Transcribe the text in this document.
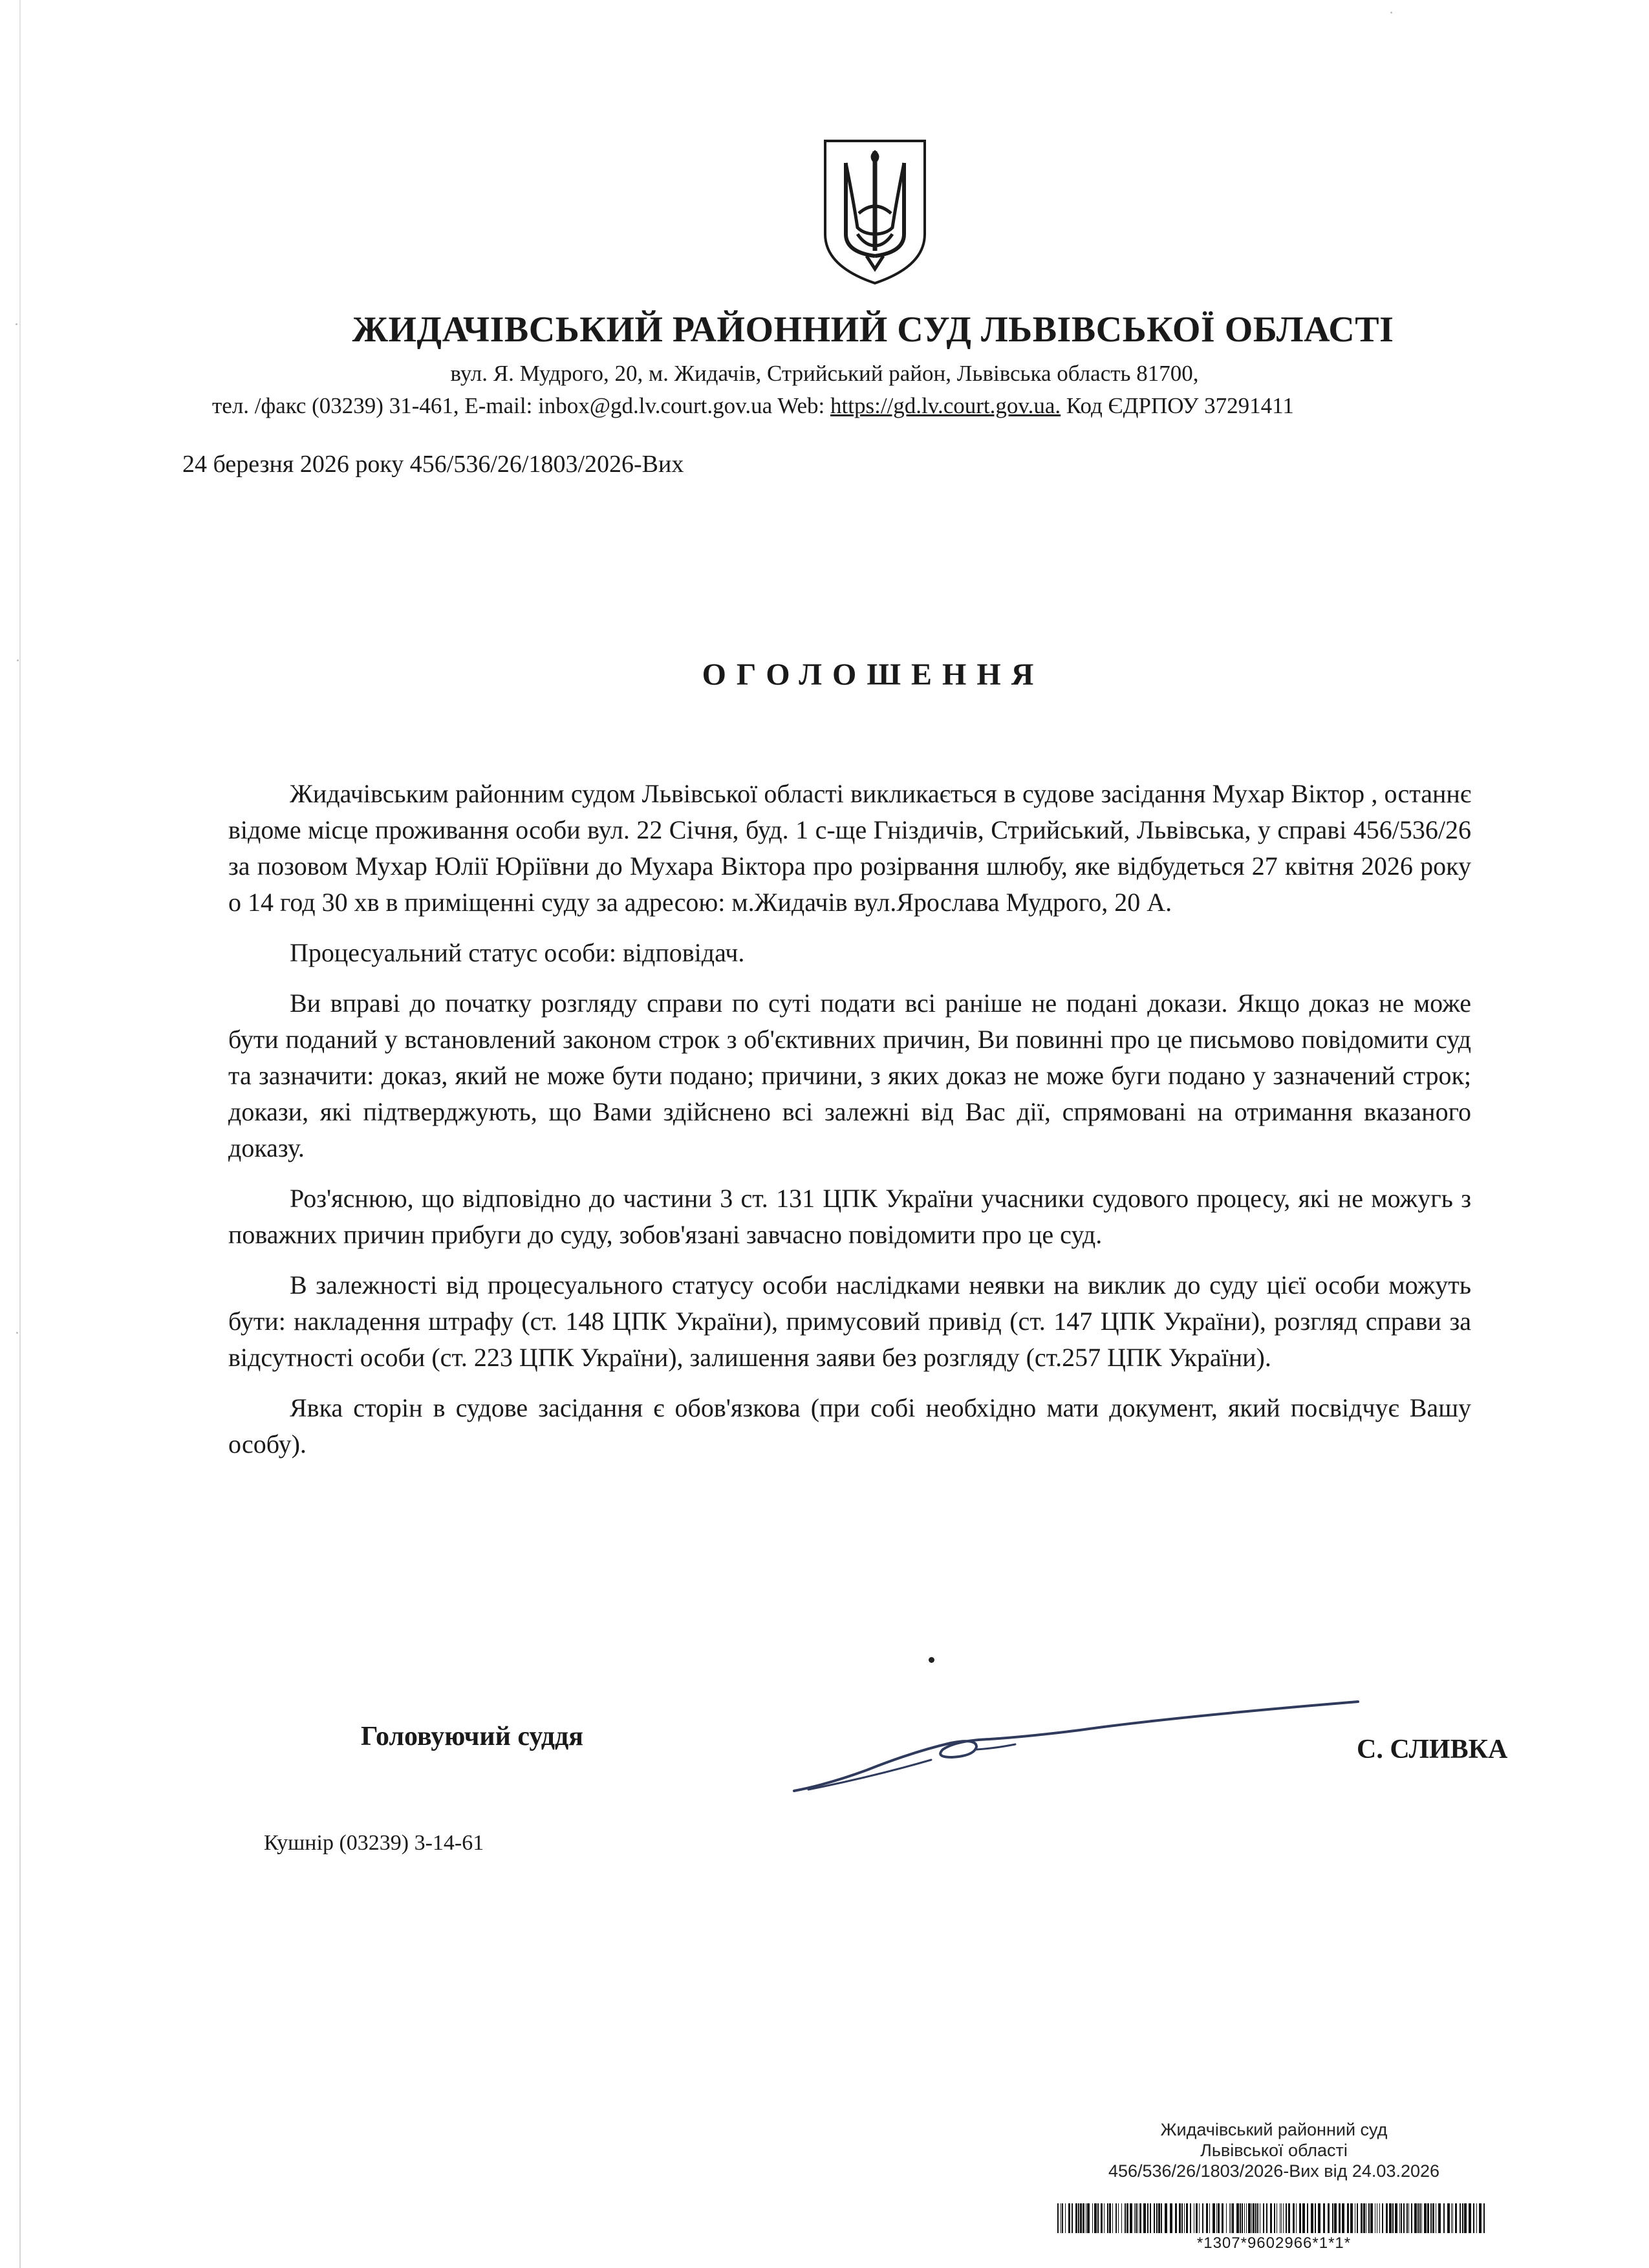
ЖИДАЧІВСЬКИЙ РАЙОННИЙ СУД ЛЬВІВСЬКОЇ ОБЛАСТІ
вул. Я. Мудрого, 20, м. Жидачів, Стрийський район, Львівська область 81700,
тел. /факс (03239) 31-461, E-mail: inbox@gd.lv.court.gov.ua Web: https://gd.lv.court.gov.ua. Код ЄДРПОУ 37291411
24 березня 2026 року 456/536/26/1803/2026-Вих
ОГОЛОШЕННЯ

Жидачівським районним судом Львівської області викликається в судове засідання Мухар Віктор , останнє відоме місце проживання особи вул. 22 Січня, буд. 1 с-ще Гніздичів, Стрийський, Львівська, у справі 456/536/26 за позовом Мухар Юлії Юріївни до Мухара Віктора про розірвання шлюбу, яке відбудеться 27 квітня 2026 року о 14 год 30 хв в приміщенні суду за адресою: м.Жидачів вул.Ярослава Мудрого, 20 А.

Процесуальний статус особи: відповідач.

Ви вправі до початку розгляду справи по суті подати всі раніше не подані докази. Якщо доказ не може бути поданий у встановлений законом строк з об'єктивних причин, Ви повинні про це письмово повідомити суд та зазначити: доказ, який не може бути подано; причини, з яких доказ не може буги подано у зазначений строк; докази, які підтверджують, що Вами здійснено всі залежні від Вас дії, спрямовані на отримання вказаного доказу.

Роз'яснюю, що відповідно до частини 3 ст. 131 ЦПК України учасники судового процесу, які не можугь з поважних причин прибуги до суду, зобов'язані завчасно повідомити про це суд.

В залежності від процесуального статусу особи наслідками неявки на виклик до суду цієї особи можуть бути: накладення штрафу (ст. 148 ЦПК України), примусовий привід (ст. 147 ЦПК України), розгляд справи за відсутності особи (ст. 223 ЦПК України), залишення заяви без розгляду (ст.257 ЦПК України).

Явка сторін в судове засідання є обов'язкова (при собі необхідно мати документ, який посвідчує Вашу особу).

Головуючий суддя	С. СЛИВКА
Кушнір (03239) 3-14-61
Жидачівський районний суд
Львівської області
456/536/26/1803/2026-Вих від 24.03.2026
*1307*9602966*1*1*
